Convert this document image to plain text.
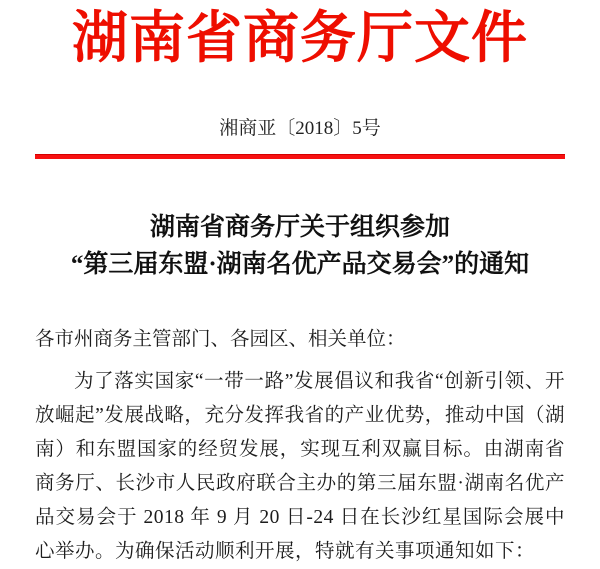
湖南省商务厅文件
湘商亚〔2018〕5号
湖南省商务厅关于组织参加
“第三届东盟·湖南名优产品交易会”的通知
各市州商务主管部门、各园区、相关单位：
为了落实国家“一带一路”发展倡议和我省“创新引领、开放崛起”发展战略，充分发挥我省的产业优势，推动中国（湖南）和东盟国家的经贸发展，实现互利双赢目标。由湖南省商务厅、长沙市人民政府联合主办的第三届东盟·湖南名优产品交易会于 2018 年 9 月 20 日-24 日在长沙红星国际会展中心举办。为确保活动顺利开展，特就有关事项通知如下：
